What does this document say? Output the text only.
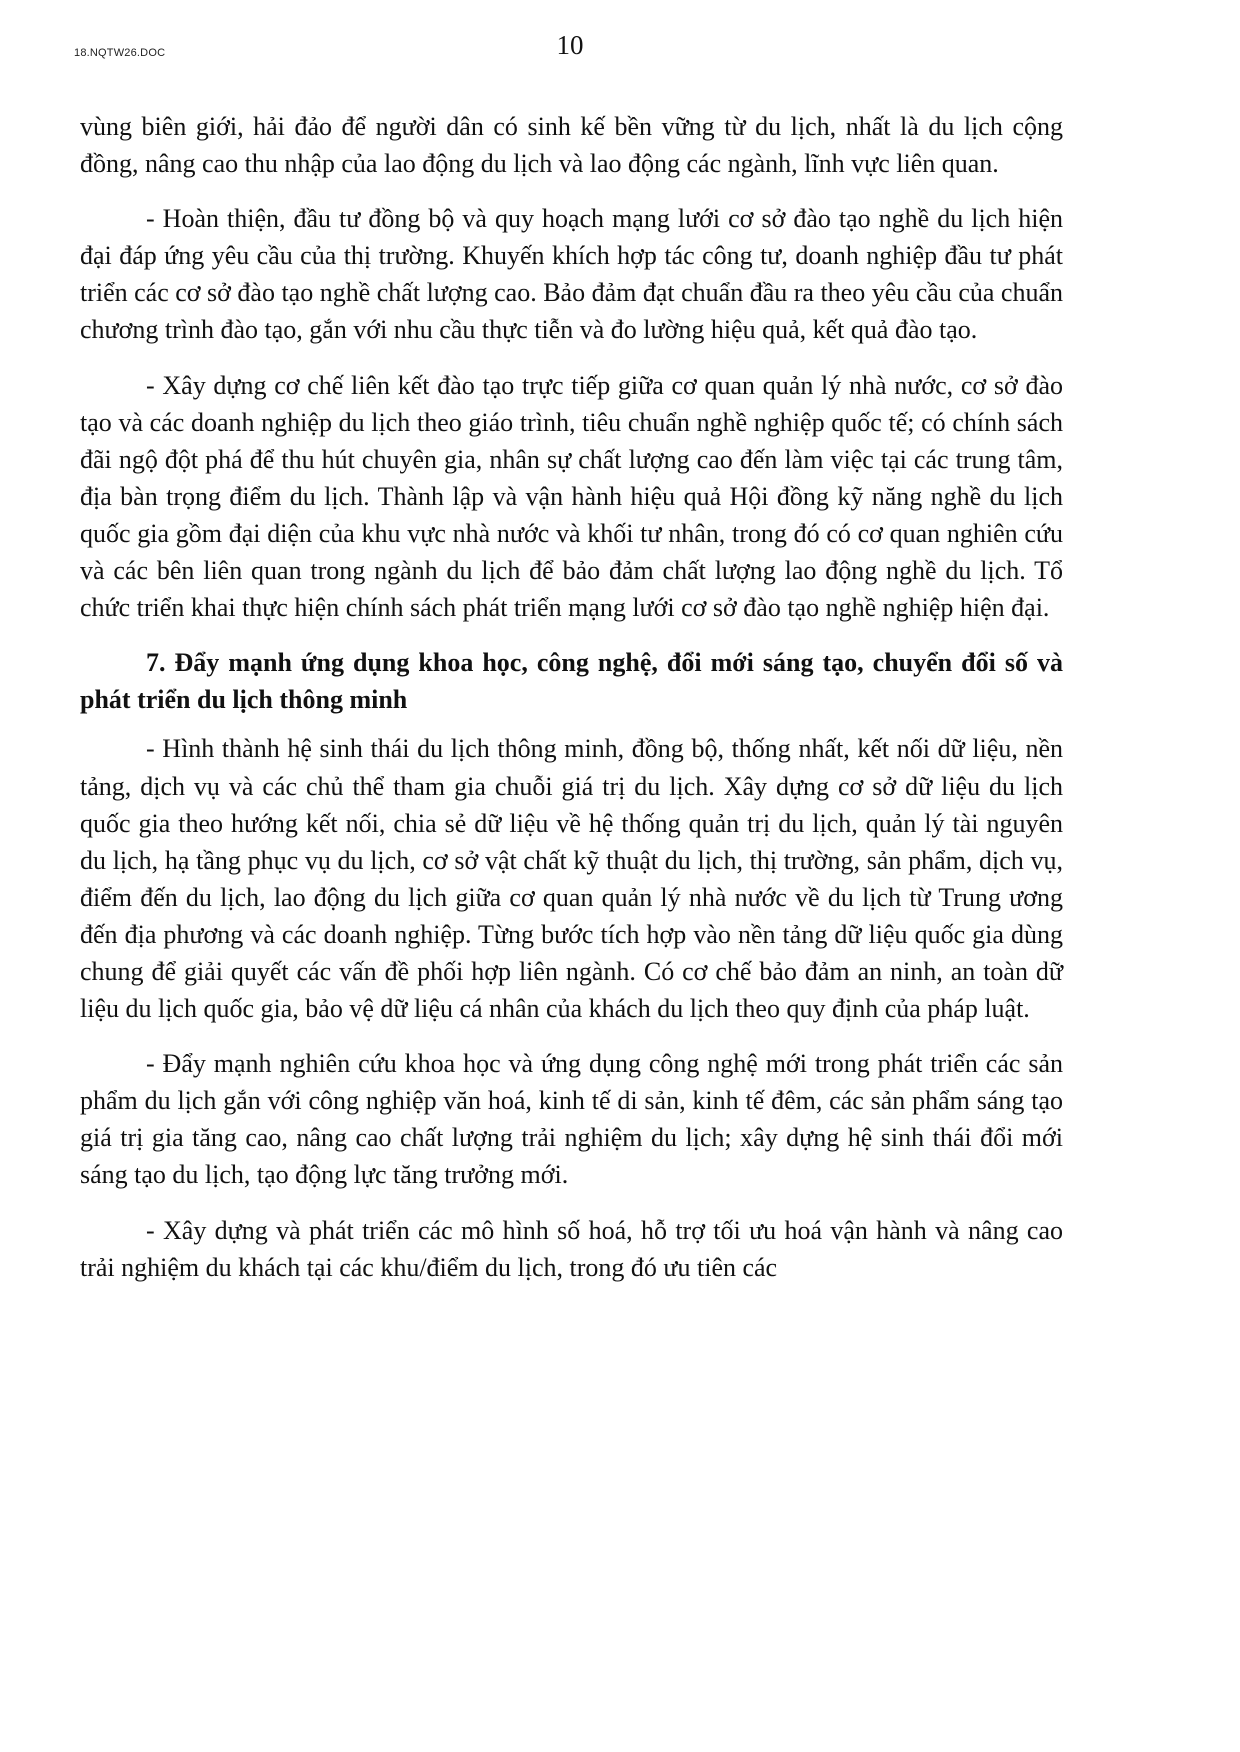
18.NQTW26.DOC	10

vùng biên giới, hải đảo để người dân có sinh kế bền vững từ du lịch, nhất là du lịch cộng đồng, nâng cao thu nhập của lao động du lịch và lao động các ngành, lĩnh vực liên quan.

- Hoàn thiện, đầu tư đồng bộ và quy hoạch mạng lưới cơ sở đào tạo nghề du lịch hiện đại đáp ứng yêu cầu của thị trường. Khuyến khích hợp tác công tư, doanh nghiệp đầu tư phát triển các cơ sở đào tạo nghề chất lượng cao. Bảo đảm đạt chuẩn đầu ra theo yêu cầu của chuẩn chương trình đào tạo, gắn với nhu cầu thực tiễn và đo lường hiệu quả, kết quả đào tạo.

- Xây dựng cơ chế liên kết đào tạo trực tiếp giữa cơ quan quản lý nhà nước, cơ sở đào tạo và các doanh nghiệp du lịch theo giáo trình, tiêu chuẩn nghề nghiệp quốc tế; có chính sách đãi ngộ đột phá để thu hút chuyên gia, nhân sự chất lượng cao đến làm việc tại các trung tâm, địa bàn trọng điểm du lịch. Thành lập và vận hành hiệu quả Hội đồng kỹ năng nghề du lịch quốc gia gồm đại diện của khu vực nhà nước và khối tư nhân, trong đó có cơ quan nghiên cứu và các bên liên quan trong ngành du lịch để bảo đảm chất lượng lao động nghề du lịch. Tổ chức triển khai thực hiện chính sách phát triển mạng lưới cơ sở đào tạo nghề nghiệp hiện đại.

7. Đẩy mạnh ứng dụng khoa học, công nghệ, đổi mới sáng tạo, chuyển đổi số và phát triển du lịch thông minh

- Hình thành hệ sinh thái du lịch thông minh, đồng bộ, thống nhất, kết nối dữ liệu, nền tảng, dịch vụ và các chủ thể tham gia chuỗi giá trị du lịch. Xây dựng cơ sở dữ liệu du lịch quốc gia theo hướng kết nối, chia sẻ dữ liệu về hệ thống quản trị du lịch, quản lý tài nguyên du lịch, hạ tầng phục vụ du lịch, cơ sở vật chất kỹ thuật du lịch, thị trường, sản phẩm, dịch vụ, điểm đến du lịch, lao động du lịch giữa cơ quan quản lý nhà nước về du lịch từ Trung ương đến địa phương và các doanh nghiệp. Từng bước tích hợp vào nền tảng dữ liệu quốc gia dùng chung để giải quyết các vấn đề phối hợp liên ngành. Có cơ chế bảo đảm an ninh, an toàn dữ liệu du lịch quốc gia, bảo vệ dữ liệu cá nhân của khách du lịch theo quy định của pháp luật.

- Đẩy mạnh nghiên cứu khoa học và ứng dụng công nghệ mới trong phát triển các sản phẩm du lịch gắn với công nghiệp văn hoá, kinh tế di sản, kinh tế đêm, các sản phẩm sáng tạo giá trị gia tăng cao, nâng cao chất lượng trải nghiệm du lịch; xây dựng hệ sinh thái đổi mới sáng tạo du lịch, tạo động lực tăng trưởng mới.

- Xây dựng và phát triển các mô hình số hoá, hỗ trợ tối ưu hoá vận hành và nâng cao trải nghiệm du khách tại các khu/điểm du lịch, trong đó ưu tiên các
